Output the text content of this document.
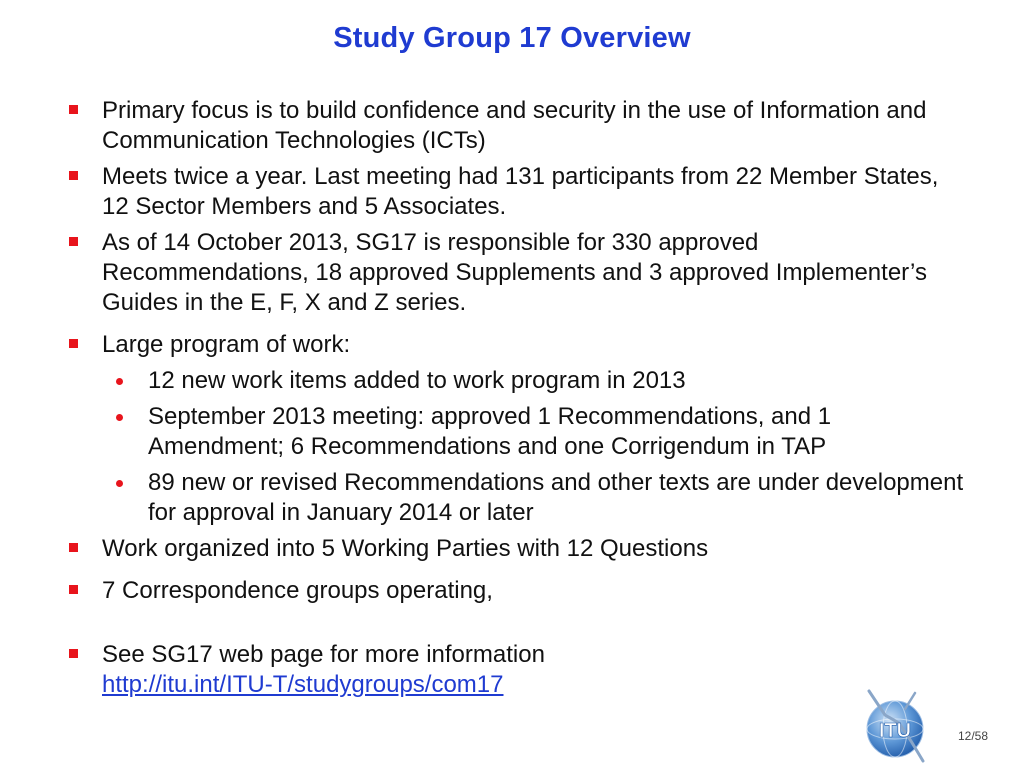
Study Group 17 Overview
Primary focus is to build confidence and security in the use of Information and Communication Technologies (ICTs)
Meets twice a year. Last meeting had 131 participants from 22 Member States, 12 Sector Members and 5 Associates.
As of 14 October 2013, SG17 is responsible for 330 approved Recommendations, 18 approved Supplements and 3 approved Implementer’s Guides in the E, F, X and Z series.
Large program of work:
12 new work items added to work program in 2013
September 2013 meeting: approved 1 Recommendations, and 1 Amendment; 6 Recommendations and one Corrigendum in TAP
89 new or revised Recommendations and other texts are under development for approval in January 2014 or later
Work organized into 5 Working Parties with 12 Questions
7 Correspondence groups operating,
See SG17 web page for more information
http://itu.int/ITU-T/studygroups/com17
ITU	12/58
